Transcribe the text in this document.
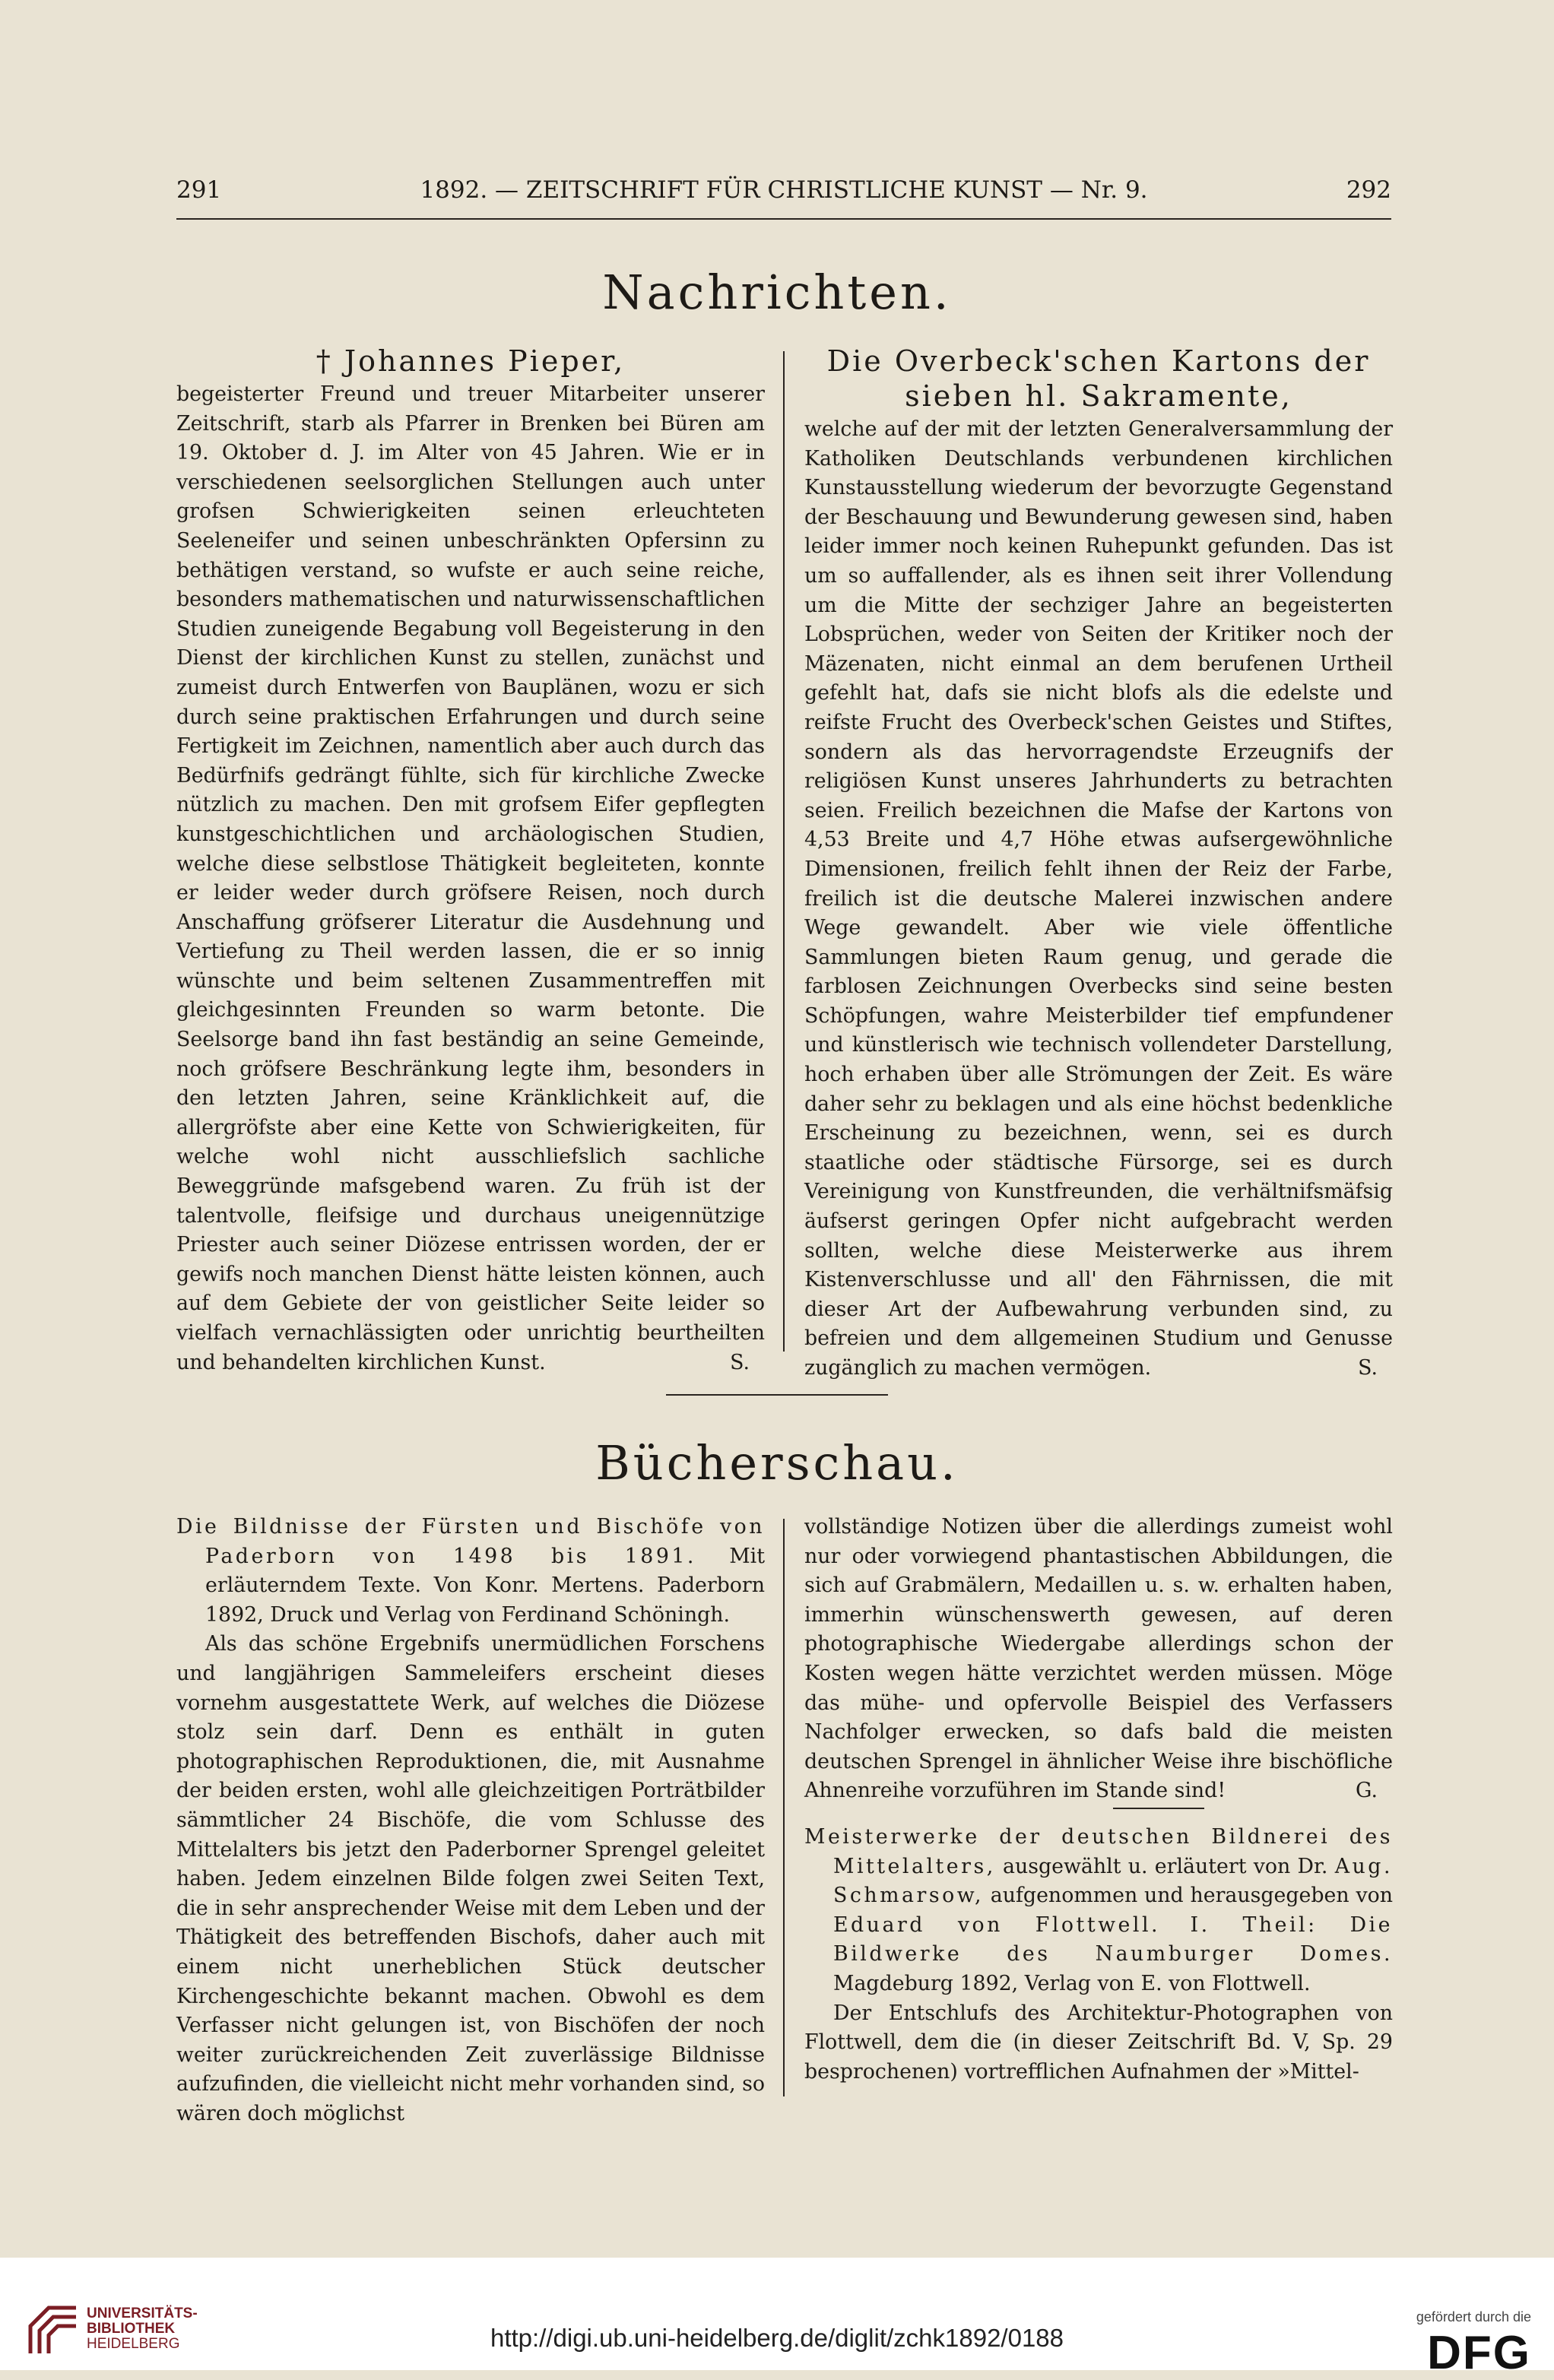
291	1892. — ZEITSCHRIFT FÜR CHRISTLICHE KUNST — Nr. 9.	292
Nachrichten.
† Johannes Pieper,

begeisterter Freund und treuer Mitarbeiter unserer Zeitschrift, starb als Pfarrer in Brenken bei Büren am 19. Oktober d. J. im Alter von 45 Jahren. Wie er in verschiedenen seelsorglichen Stellungen auch unter grofsen Schwierigkeiten seinen erleuchteten Seeleneifer und seinen unbeschränkten Opfersinn zu bethätigen verstand, so wufste er auch seine reiche, besonders mathematischen und naturwissenschaftlichen Studien zuneigende Begabung voll Begeisterung in den Dienst der kirchlichen Kunst zu stellen, zunächst und zumeist durch Entwerfen von Bauplänen, wozu er sich durch seine praktischen Erfahrungen und durch seine Fertigkeit im Zeichnen, namentlich aber auch durch das Bedürfnifs gedrängt fühlte, sich für kirchliche Zwecke nützlich zu machen. Den mit grofsem Eifer gepflegten kunstgeschichtlichen und archäologischen Studien, welche diese selbstlose Thätigkeit begleiteten, konnte er leider weder durch gröfsere Reisen, noch durch Anschaffung gröfserer Literatur die Ausdehnung und Vertiefung zu Theil werden lassen, die er so innig wünschte und beim seltenen Zusammentreffen mit gleichgesinnten Freunden so warm betonte. Die Seelsorge band ihn fast beständig an seine Gemeinde, noch gröfsere Beschränkung legte ihm, besonders in den letzten Jahren, seine Kränklichkeit auf, die allergröfste aber eine Kette von Schwierigkeiten, für welche wohl nicht ausschliefslich sachliche Beweggründe mafsgebend waren. Zu früh ist der talentvolle, fleifsige und durchaus uneigennützige Priester auch seiner Diözese entrissen worden, der er gewifs noch manchen Dienst hätte leisten können, auch auf dem Gebiete der von geistlicher Seite leider so vielfach vernachlässigten oder unrichtig beurtheilten und behandelten kirchlichen Kunst.	S.

Die Overbeck'schen Kartons der
sieben hl. Sakramente,

welche auf der mit der letzten Generalversammlung der Katholiken Deutschlands verbundenen kirchlichen Kunstausstellung wiederum der bevorzugte Gegenstand der Beschauung und Bewunderung gewesen sind, haben leider immer noch keinen Ruhepunkt gefunden. Das ist um so auffallender, als es ihnen seit ihrer Vollendung um die Mitte der sechziger Jahre an begeisterten Lobsprüchen, weder von Seiten der Kritiker noch der Mäzenaten, nicht einmal an dem berufenen Urtheil gefehlt hat, dafs sie nicht blofs als die edelste und reifste Frucht des Overbeck'schen Geistes und Stiftes, sondern als das hervorragendste Erzeugnifs der religiösen Kunst unseres Jahrhunderts zu betrachten seien. Freilich bezeichnen die Mafse der Kartons von 4,53 Breite und 4,7 Höhe etwas aufsergewöhnliche Dimensionen, freilich fehlt ihnen der Reiz der Farbe, freilich ist die deutsche Malerei inzwischen andere Wege gewandelt. Aber wie viele öffentliche Sammlungen bieten Raum genug, und gerade die farblosen Zeichnungen Overbecks sind seine besten Schöpfungen, wahre Meisterbilder tief empfundener und künstlerisch wie technisch vollendeter Darstellung, hoch erhaben über alle Strömungen der Zeit. Es wäre daher sehr zu beklagen und als eine höchst bedenkliche Erscheinung zu bezeichnen, wenn, sei es durch staatliche oder städtische Fürsorge, sei es durch Vereinigung von Kunstfreunden, die verhältnifsmäfsig äufserst geringen Opfer nicht aufgebracht werden sollten, welche diese Meisterwerke aus ihrem Kistenverschlusse und all' den Fährnissen, die mit dieser Art der Aufbewahrung verbunden sind, zu befreien und dem allgemeinen Studium und Genusse zugänglich zu machen vermögen.	S.

Bücherschau.

Die Bildnisse der Fürsten und Bischöfe von Paderborn von 1498 bis 1891. Mit erläuterndem Texte. Von Konr. Mertens. Paderborn 1892, Druck und Verlag von Ferdinand Schöningh.

Als das schöne Ergebnifs unermüdlichen Forschens und langjährigen Sammeleifers erscheint dieses vornehm ausgestattete Werk, auf welches die Diözese stolz sein darf. Denn es enthält in guten photographischen Reproduktionen, die, mit Ausnahme der beiden ersten, wohl alle gleichzeitigen Porträtbilder sämmtlicher 24 Bischöfe, die vom Schlusse des Mittelalters bis jetzt den Paderborner Sprengel geleitet haben. Jedem einzelnen Bilde folgen zwei Seiten Text, die in sehr ansprechender Weise mit dem Leben und der Thätigkeit des betreffenden Bischofs, daher auch mit einem nicht unerheblichen Stück deutscher Kirchengeschichte bekannt machen. Obwohl es dem Verfasser nicht gelungen ist, von Bischöfen der noch weiter zurückreichenden Zeit zuverlässige Bildnisse aufzufinden, die vielleicht nicht mehr vorhanden sind, so wären doch möglichst

vollständige Notizen über die allerdings zumeist wohl nur oder vorwiegend phantastischen Abbildungen, die sich auf Grabmälern, Medaillen u. s. w. erhalten haben, immerhin wünschenswerth gewesen, auf deren photographische Wiedergabe allerdings schon der Kosten wegen hätte verzichtet werden müssen. Möge das mühe- und opfervolle Beispiel des Verfassers Nachfolger erwecken, so dafs bald die meisten deutschen Sprengel in ähnlicher Weise ihre bischöfliche Ahnenreihe vorzuführen im Stande sind!	G.

Meisterwerke der deutschen Bildnerei des Mittelalters, ausgewählt u. erläutert von Dr. Aug. Schmarsow, aufgenommen und herausgegeben von Eduard von Flottwell. I. Theil: Die Bildwerke des Naumburger Domes. Magdeburg 1892, Verlag von E. von Flottwell.

Der Entschlufs des Architektur-Photographen von Flottwell, dem die (in dieser Zeitschrift Bd. V, Sp. 29 besprochenen) vortrefflichen Aufnahmen der »Mittel-

UNIVERSITÄTS-
BIBLIOTHEK
HEIDELBERG	http://digi.ub.uni-heidelberg.de/diglit/zchk1892/0188
gefördert durch die
DFG
